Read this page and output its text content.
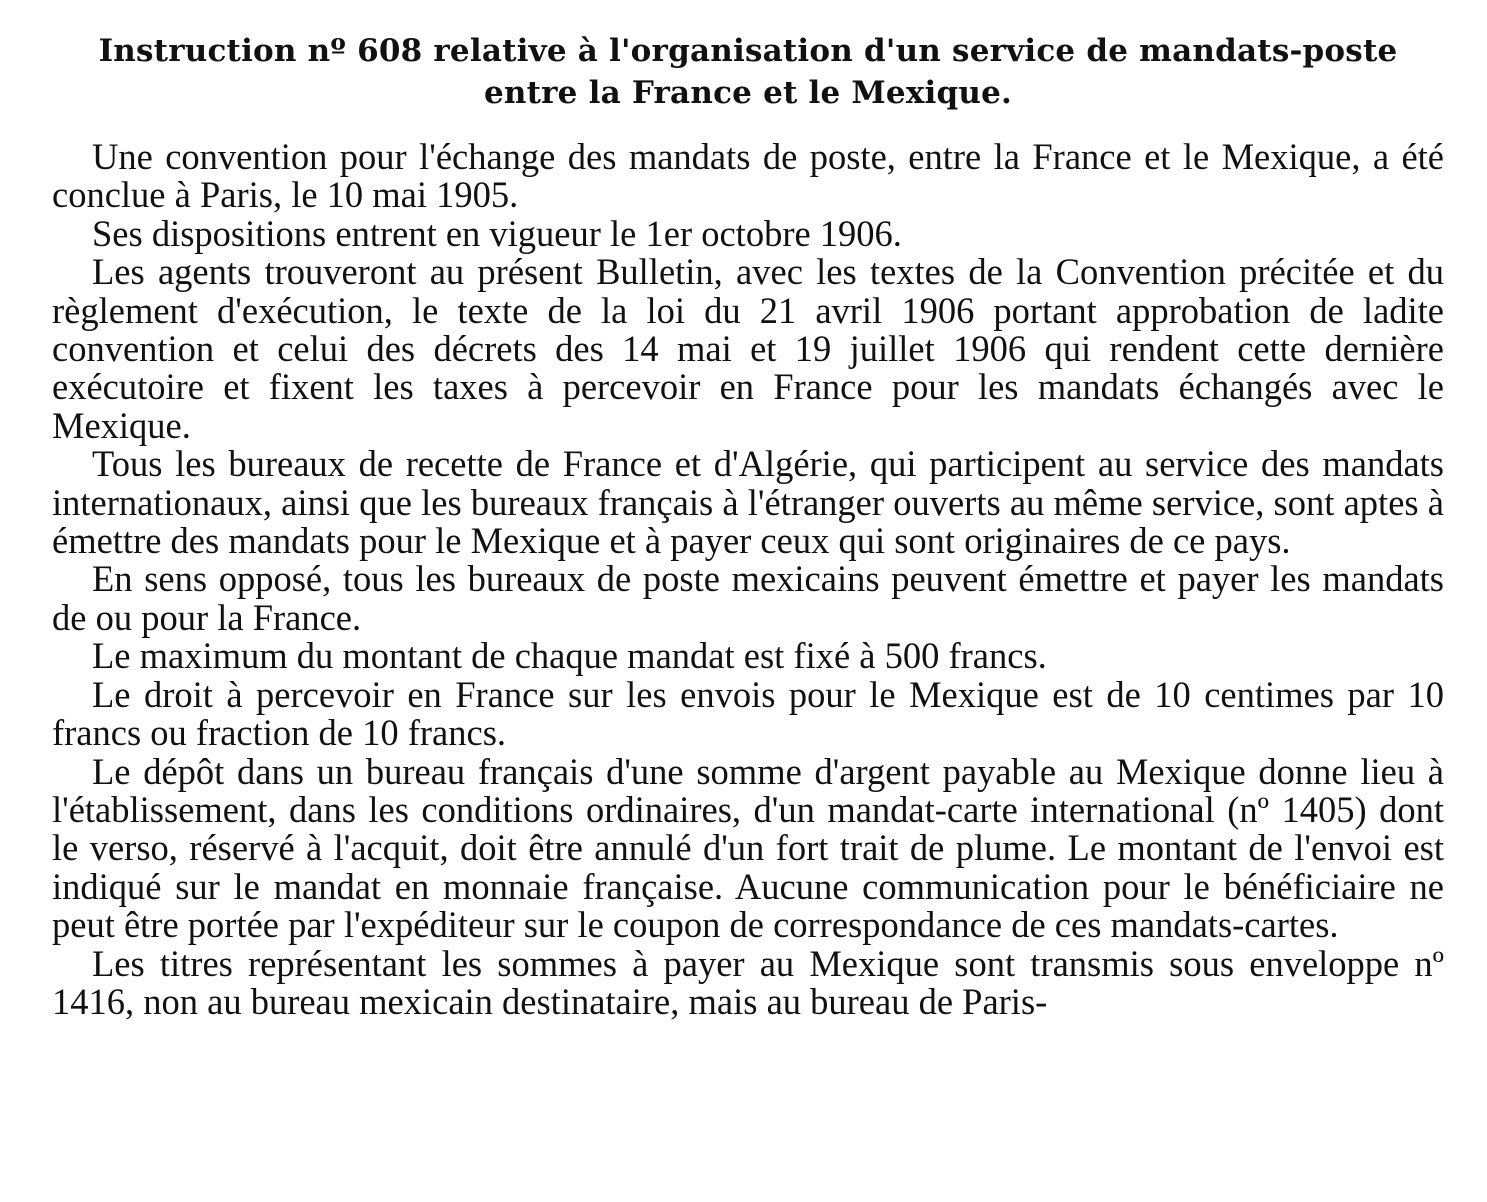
Instruction nº 608 relative à l'organisation d'un service de mandats-poste
entre la France et le Mexique.

Une convention pour l'échange des mandats de poste, entre la France et le Mexique, a été conclue à Paris, le 10 mai 1905.

Ses dispositions entrent en vigueur le 1er octobre 1906.

Les agents trouveront au présent Bulletin, avec les textes de la Convention précitée et du règlement d'exécution, le texte de la loi du 21 avril 1906 portant approbation de ladite convention et celui des décrets des 14 mai et 19 juillet 1906 qui rendent cette dernière exécutoire et fixent les taxes à percevoir en France pour les mandats échangés avec le Mexique.

Tous les bureaux de recette de France et d'Algérie, qui participent au service des mandats internationaux, ainsi que les bureaux français à l'étranger ouverts au même service, sont aptes à émettre des mandats pour le Mexique et à payer ceux qui sont originaires de ce pays.

En sens opposé, tous les bureaux de poste mexicains peuvent émettre et payer les mandats de ou pour la France.

Le maximum du montant de chaque mandat est fixé à 500 francs.

Le droit à percevoir en France sur les envois pour le Mexique est de 10 centimes par 10 francs ou fraction de 10 francs.

Le dépôt dans un bureau français d'une somme d'argent payable au Mexique donne lieu à l'établissement, dans les conditions ordinaires, d'un mandat-carte international (nº 1405) dont le verso, réservé à l'acquit, doit être annulé d'un fort trait de plume. Le montant de l'envoi est indiqué sur le mandat en monnaie française. Aucune communication pour le bénéficiaire ne peut être portée par l'expéditeur sur le coupon de correspondance de ces mandats-cartes.

Les titres représentant les sommes à payer au Mexique sont transmis sous enveloppe nº 1416, non au bureau mexicain destinataire, mais au bureau de Paris-
